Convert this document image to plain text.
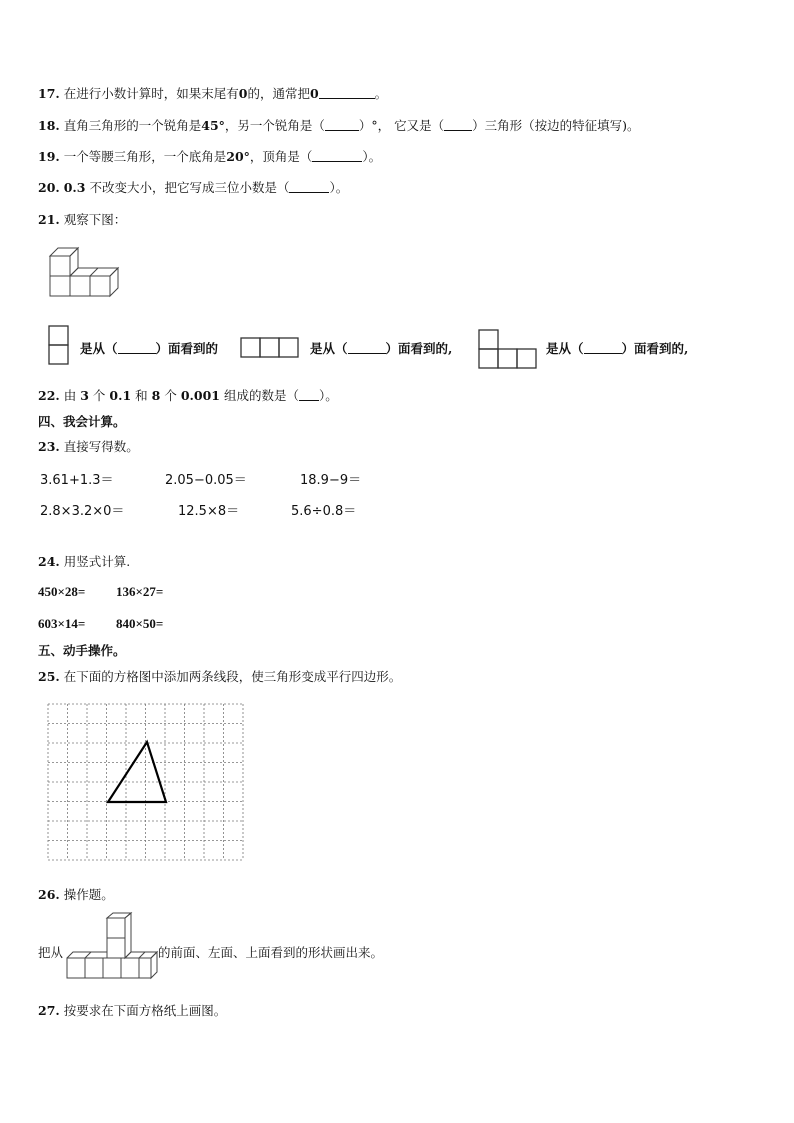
17. 在进行小数计算时，如果末尾有0的，通常把0	。
18. 直角三角形的一个锐角是45°，另一个锐角是（	）°， 它又是（ ）三角形（按边的特征填写)。
19. 一个等腰三角形，一个底角是20°，顶角是（	）。
20. 0.3 不改变大小，把它写成三位小数是（	）。
21. 观察下图：
是从（	）面看到的	是从（	）面看到的,	是从（	）面看到的,
22. 由 3 个 0.1 和 8 个 0.001 组成的数是（ ）。
四、我会计算。
23. 直接写得数。
3.61+1.3＝	2.05−0.05＝	18.9−9＝
2.8×3.2×0＝	12.5×8＝	5.6÷0.8＝
24. 用竖式计算.
450×28= 136×27=
603×14= 840×50=
五、动手操作。
25. 在下面的方格图中添加两条线段，使三角形变成平行四边形。
26. 操作题。
把从	的前面、左面、上面看到的形状画出来。
27. 按要求在下面方格纸上画图。
